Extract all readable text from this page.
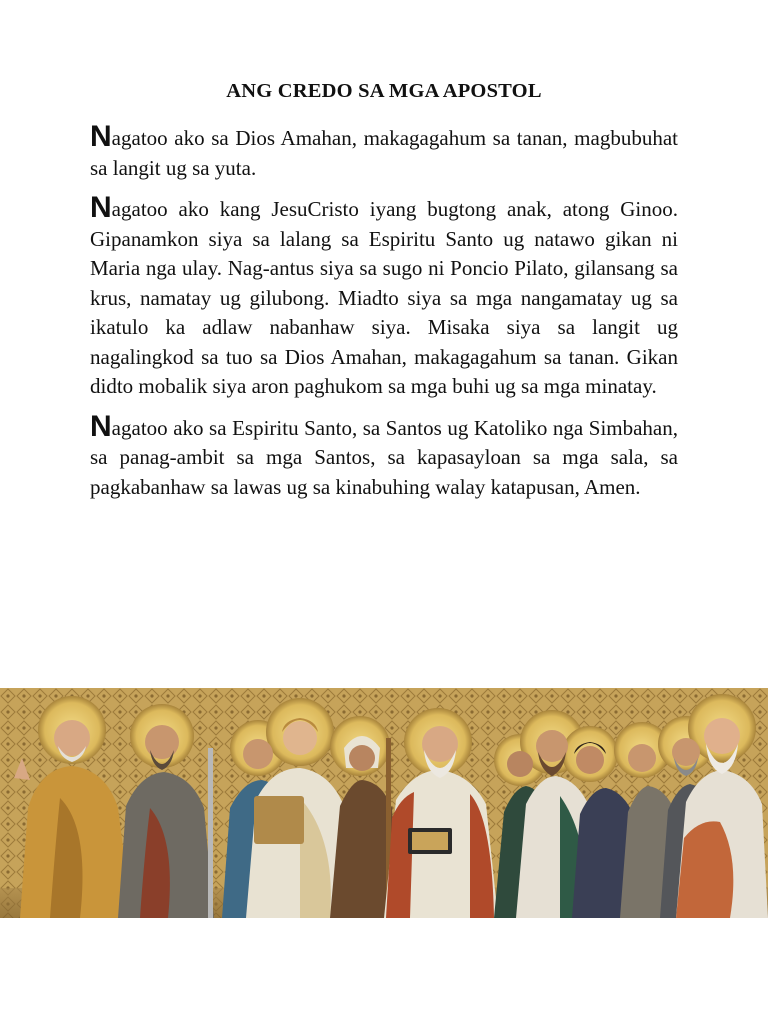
ANG CREDO SA MGA APOSTOL

Nagatoo ako sa Dios Amahan, makagagahum sa tanan, magbubuhat sa langit ug sa yuta.

Nagatoo ako kang JesuCristo iyang bugtong anak, atong Ginoo. Gipanamkon siya sa lalang sa Espiritu Santo ug natawo gikan ni Maria nga ulay. Nag-antus siya sa sugo ni Poncio Pilato, gilansang sa krus, namatay ug gilubong. Miadto siya sa mga nangamatay ug sa ikatulo ka adlaw nabanhaw siya. Misaka siya sa langit ug nagalingkod sa tuo sa Dios Amahan, makagagahum sa tanan. Gikan didto mobalik siya aron paghukom sa mga buhi ug sa mga minatay.

Nagatoo ako sa Espiritu Santo, sa Santos ug Katoliko nga Simbahan, sa panag-ambit sa mga Santos, sa kapasayloan sa mga sala, sa pagkabanhaw sa lawas ug sa kinabuhing walay katapusan, Amen.
